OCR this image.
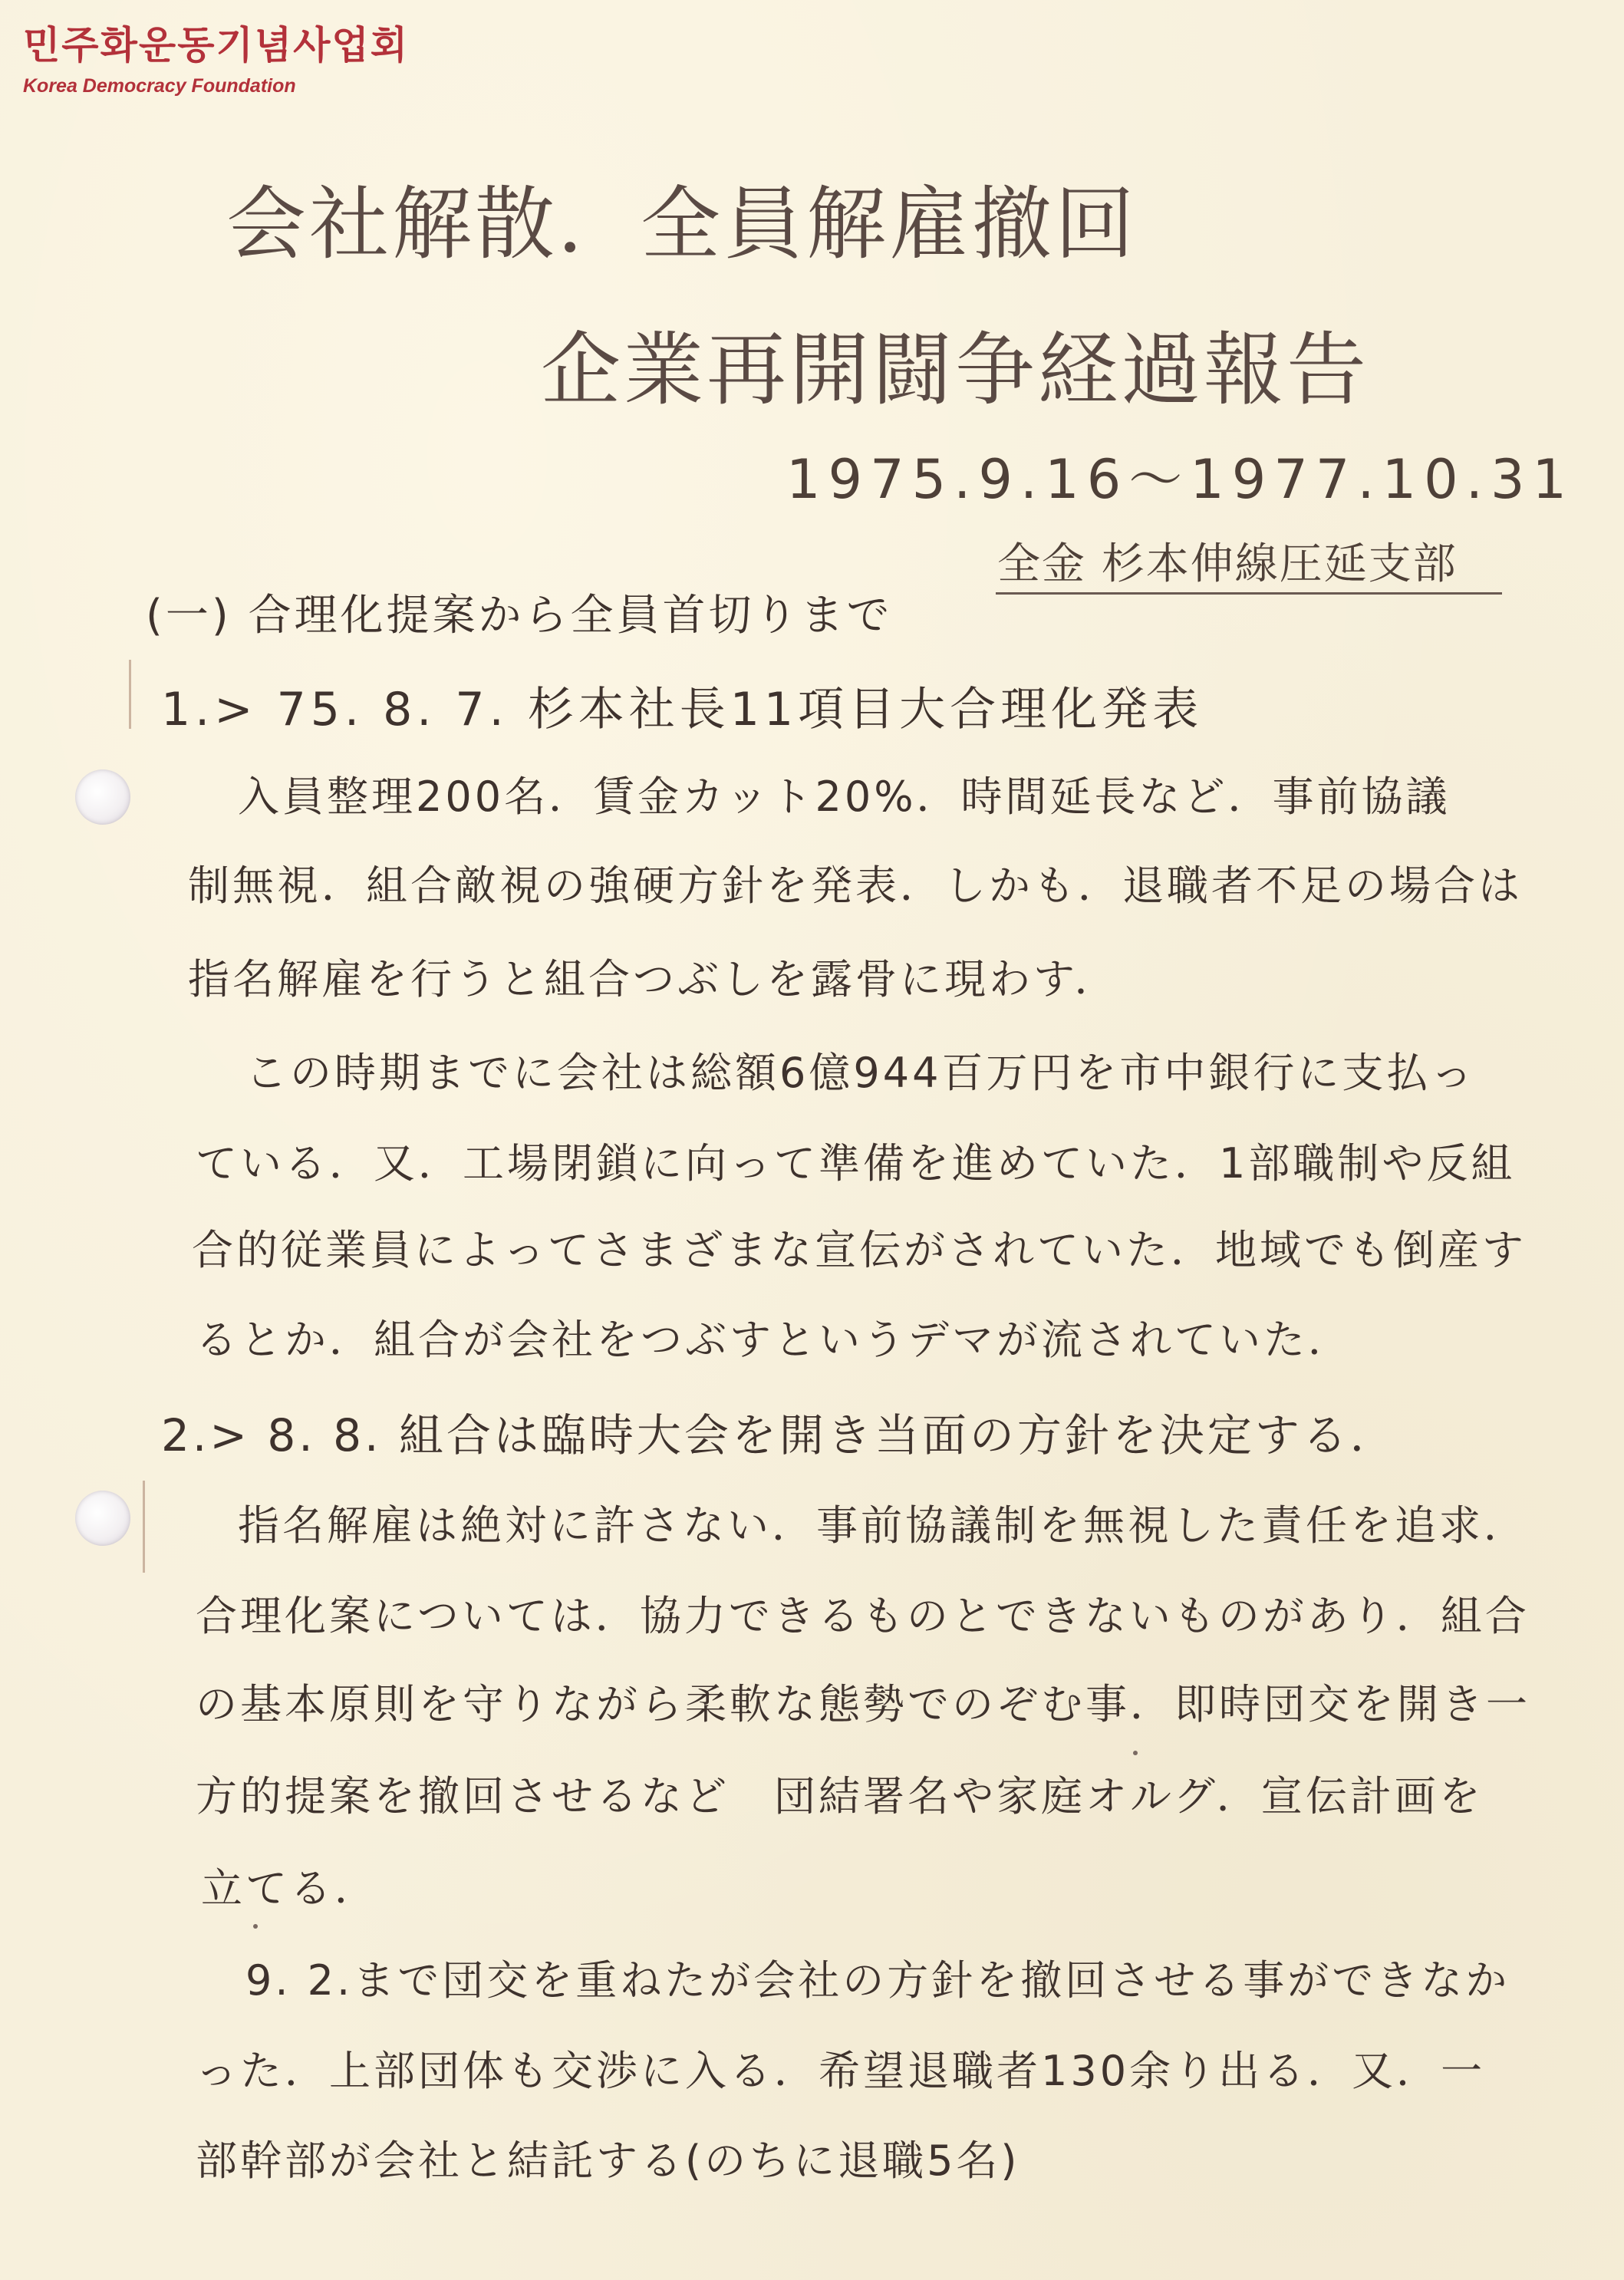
민주화운동기념사업회
Korea Democracy Foundation
会社解散．全員解雇撤回
企業再開闘争経過報告
1975.9.16～1977.10.31
全金 杉本伸線圧延支部
(一) 合理化提案から全員首切りまで
1.> 75. 8. 7. 杉本社長11項目大合理化発表
入員整理200名．賃金カット20%．時間延長など．事前協議
制無視．組合敵視の強硬方針を発表．しかも．退職者不足の場合は
指名解雇を行うと組合つぶしを露骨に現わす．
この時期までに会社は総額6億944百万円を市中銀行に支払っ
ている．又．工場閉鎖に向って準備を進めていた．1部職制や反組
合的従業員によってさまざまな宣伝がされていた．地域でも倒産す
るとか．組合が会社をつぶすというデマが流されていた．
2.> 8. 8. 組合は臨時大会を開き当面の方針を決定する．
指名解雇は絶対に許さない．事前協議制を無視した責任を追求．
合理化案については．協力できるものとできないものがあり．組合
の基本原則を守りながら柔軟な態勢でのぞむ事．即時団交を開き一
方的提案を撤回させるなど　団結署名や家庭オルグ．宣伝計画を
立てる．
9. 2.まで団交を重ねたが会社の方針を撤回させる事ができなか
った．上部団体も交渉に入る．希望退職者130余り出る．又．一
部幹部が会社と結託する(のちに退職5名)
